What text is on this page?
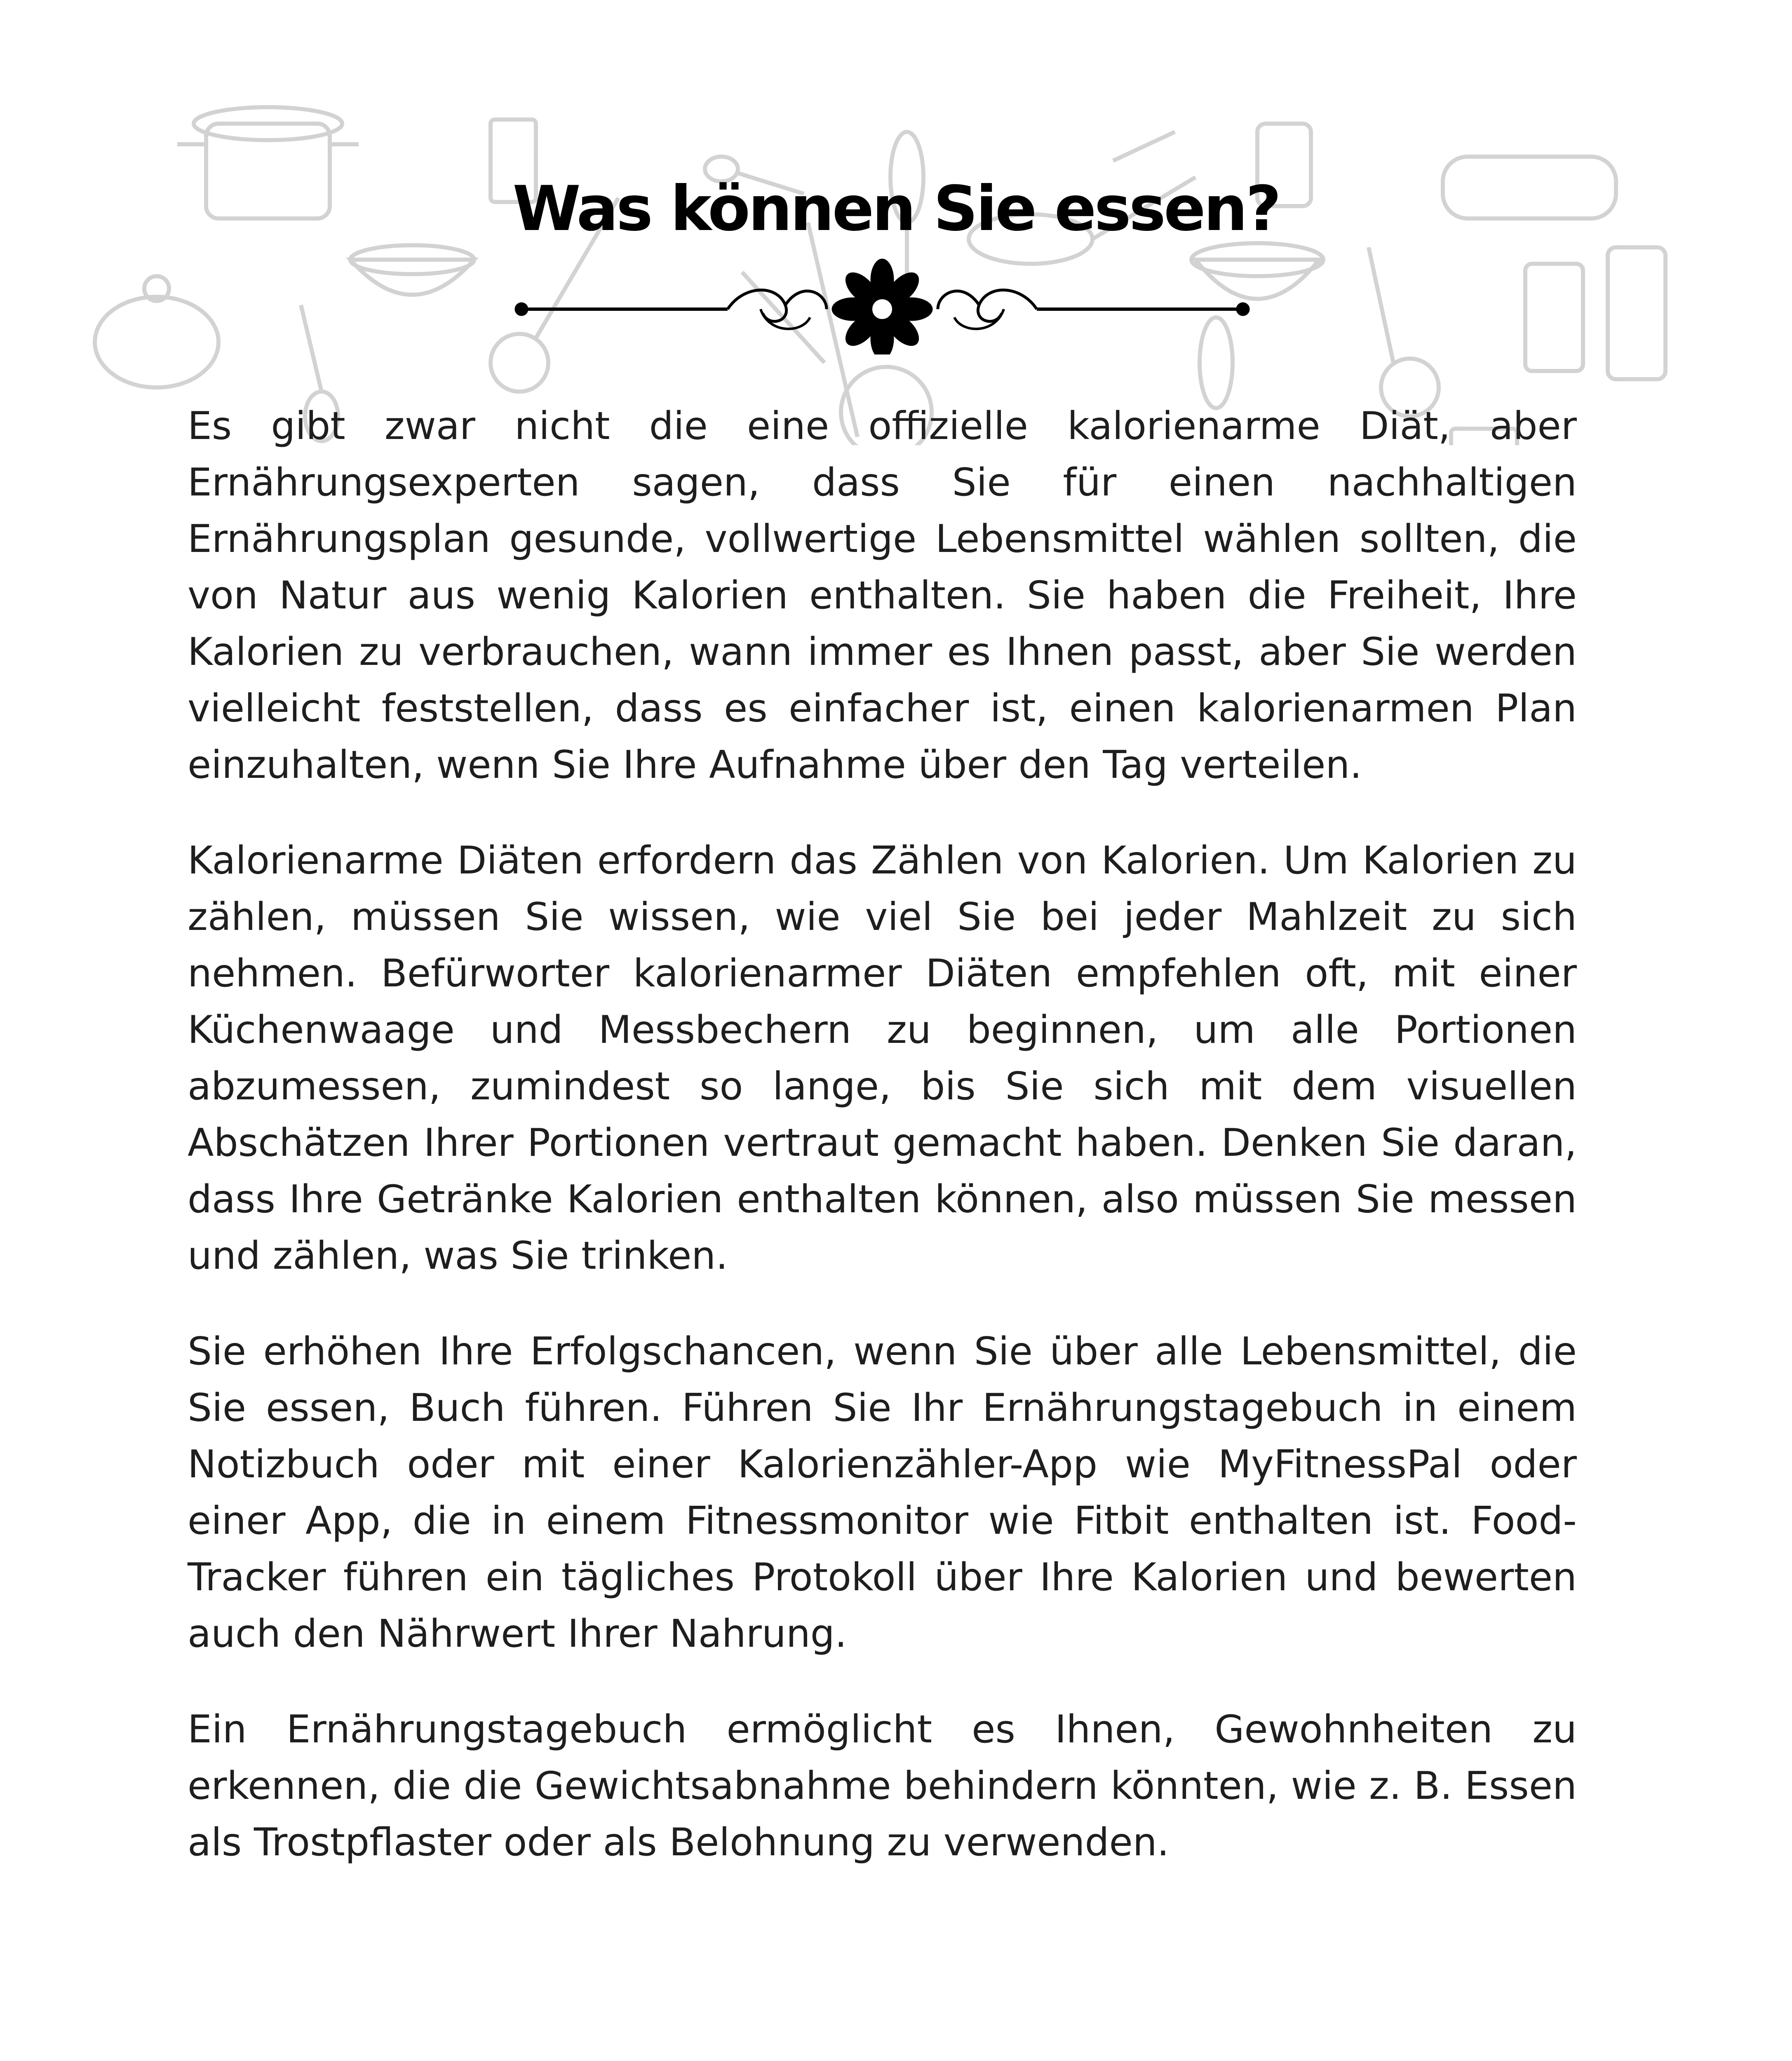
Was können Sie essen?

Es gibt zwar nicht die eine offizielle kalorienarme Diät, aber Ernährungsexperten sagen, dass Sie für einen nachhaltigen Ernährungsplan gesunde, vollwertige Lebensmittel wählen sollten, die von Natur aus wenig Kalorien enthalten. Sie haben die Freiheit, Ihre Kalorien zu verbrauchen, wann immer es Ihnen passt, aber Sie werden vielleicht feststellen, dass es einfacher ist, einen kalorienarmen Plan einzuhalten, wenn Sie Ihre Aufnahme über den Tag verteilen.

Kalorienarme Diäten erfordern das Zählen von Kalorien. Um Kalorien zu zählen, müssen Sie wissen, wie viel Sie bei jeder Mahlzeit zu sich nehmen. Befürworter kalorienarmer Diäten empfehlen oft, mit einer Küchenwaage und Messbechern zu beginnen, um alle Portionen abzumessen, zumindest so lange, bis Sie sich mit dem visuellen Abschätzen Ihrer Portionen vertraut gemacht haben. Denken Sie daran, dass Ihre Getränke Kalorien enthalten können, also müssen Sie messen und zählen, was Sie trinken.

Sie erhöhen Ihre Erfolgschancen, wenn Sie über alle Lebensmittel, die Sie essen, Buch führen. Führen Sie Ihr Ernährungstagebuch in einem Notizbuch oder mit einer Kalorienzähler-App wie MyFitnessPal oder einer App, die in einem Fitnessmonitor wie Fitbit enthalten ist. Food-Tracker führen ein tägliches Protokoll über Ihre Kalorien und bewerten auch den Nährwert Ihrer Nahrung.

Ein Ernährungstagebuch ermöglicht es Ihnen, Gewohnheiten zu erkennen, die die Gewichtsabnahme behindern könnten, wie z. B. Essen als Trostpflaster oder als Belohnung zu verwenden.
